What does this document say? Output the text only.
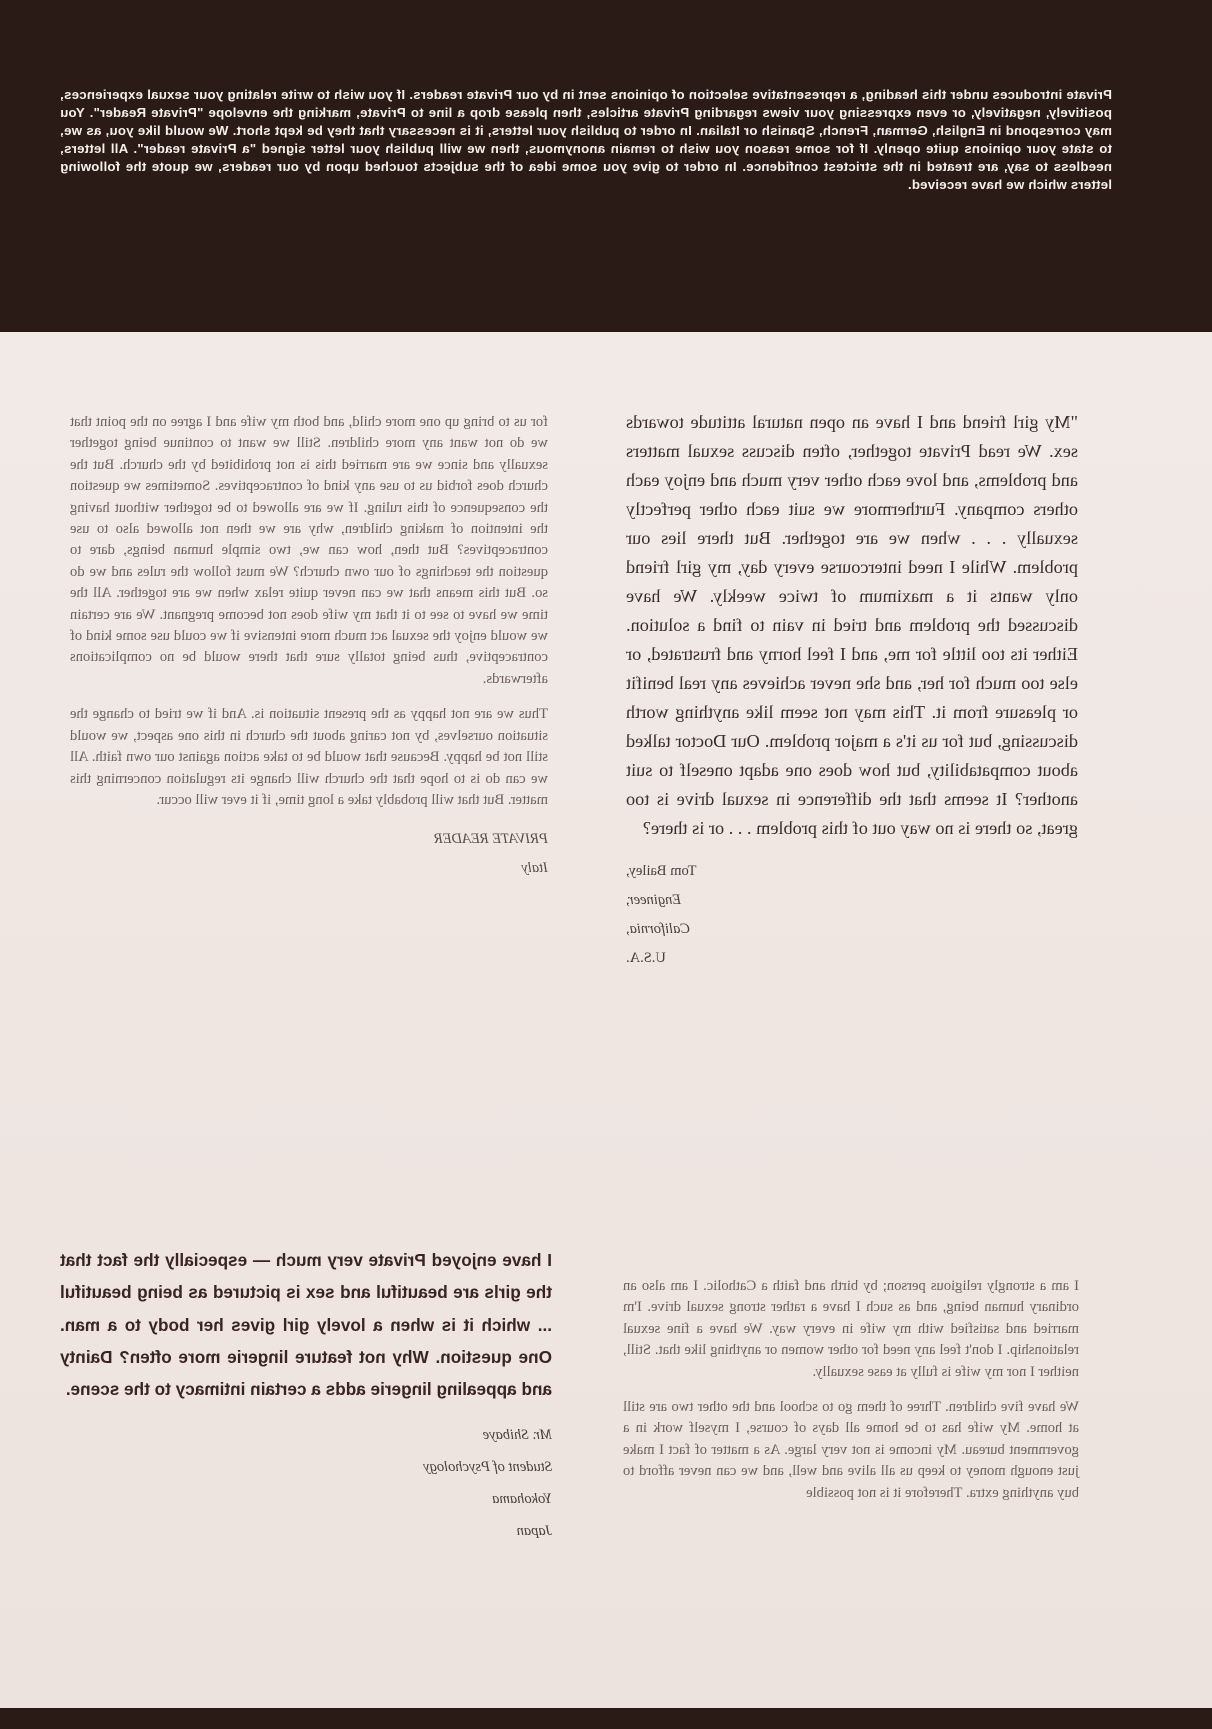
Private introduces under this heading, a representative selection of opinions sent in by our Private readers. If you wish to write relating your sexual experiences, positively, negatively, or even expressing your views regarding Private articles, then please drop a line to Private, marking the envelope "Private Reader". You may correspond in English, German, French, Spanish or Italian. In order to publish your letters, it is necessary that they be kept short. We would like you, as we, to state your opinions quite openly. If for some reason you wish to remain anonymous, then we will publish your letter signed "a Private reader". All letters, needless to say, are treated in the strictest confidence. In order to give you some idea of the subjects touched upon by our readers, we quote the following letters which we have received.

"My girl friend and I have an open natural attitude towards sex. We read Private together, often discuss sexual matters and problems, and love each other very much and enjoy each others company. Furthermore we suit each other perfectly sexually . . . when we are together. But there lies our problem. While I need intercourse every day, my girl friend only wants it a maximum of twice weekly. We have discussed the problem and tried in vain to find a solution. Either its too little for me, and I feel horny and frustrated, or else too much for her, and she never achieves any real benifit or pleasure from it. This may not seem like anything worth discussing, but for us it's a major problem. Our Doctor talked about compatability, but how does one adapt oneself to suit another? It seems that the difference in sexual drive is too great, so there is no way out of this problem . . . or is there?

Tom Bailey,
Engineer,
California,
U.S.A.

for us to bring up one more child, and both my wife and I agree on the point that we do not want any more children. Still we want to continue being together sexually and since we are married this is not prohibited by the church. But the church does forbid us to use any kind of contraceptives. Sometimes we question the consequence of this ruling. If we are allowed to be together without having the intention of making children, why are we then not allowed also to use contraceptives? But then, how can we, two simple human beings, dare to question the teachings of our own church? We must follow the rules and we do so. But this means that we can never quite relax when we are together. All the time we have to see to it that my wife does not become pregnant. We are certain we would enjoy the sexual act much more intensive if we could use some kind of contraceptive, thus being totally sure that there would be no complications afterwards.

Thus we are not happy as the present situation is. And if we tried to change the situation ourselves, by not caring about the church in this one aspect, we would still not be happy. Because that would be to take action against our own faith. All we can do is to hope that the church will change its regulation concerning this matter. But that will probably take a long time, if it ever will occur.

PRIVATE READER
Italy

I am a strongly religious person; by birth and faith a Catholic. I am also an ordinary human being, and as such I have a rather strong sexual drive. I'm married and satisfied with my wife in every way. We have a fine sexual relationship. I don't feel any need for other women or anything like that. Still, neither I nor my wife is fully at ease sexually.

We have five children. Three of them go to school and the other two are still at home. My wife has to be home all days of course, I myself work in a government bureau. My income is not very large. As a matter of fact I make just enough money to keep us all alive and well, and we can never afford to buy anything extra. Therefore it is not possible

I have enjoyed Private very much — especially the fact that the girls are beautiful and sex is pictured as being beautiful ... which it is when a lovely girl gives her body to a man. One question. Why not feature lingerie more often? Dainty and appealing lingerie adds a certain intimacy to the scene.

Mr. Shibaye
Student of Psychology
Yokohama
Japan
